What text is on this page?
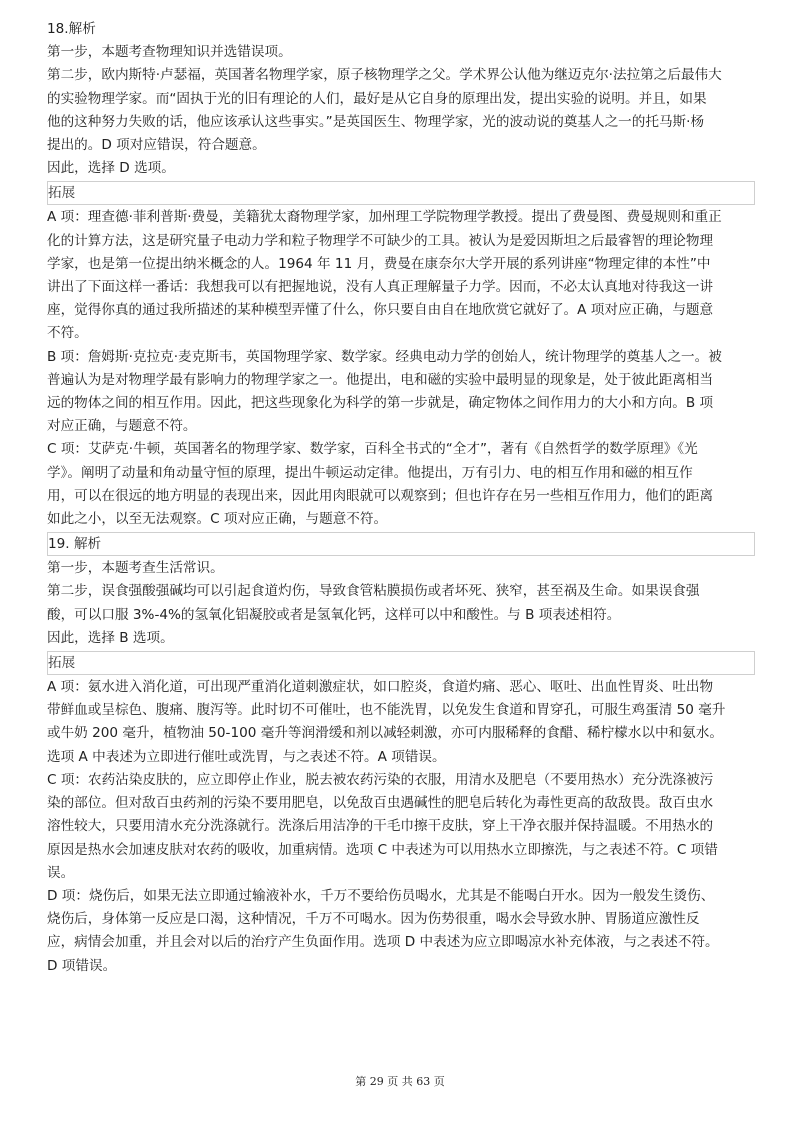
18.解析
第一步，本题考查物理知识并选错误项。
第二步，欧内斯特·卢瑟福，英国著名物理学家，原子核物理学之父。学术界公认他为继迈克尔·法拉第之后最伟大
的实验物理学家。而“固执于光的旧有理论的人们，最好是从它自身的原理出发，提出实验的说明。并且，如果
他的这种努力失败的话，他应该承认这些事实。”是英国医生、物理学家，光的波动说的奠基人之一的托马斯·杨
提出的。D 项对应错误，符合题意。
因此，选择 D 选项。
拓展
A 项：理查德·菲利普斯·费曼，美籍犹太裔物理学家，加州理工学院物理学教授。提出了费曼图、费曼规则和重正
化的计算方法，这是研究量子电动力学和粒子物理学不可缺少的工具。被认为是爱因斯坦之后最睿智的理论物理
学家，也是第一位提出纳米概念的人。1964 年 11 月，费曼在康奈尔大学开展的系列讲座“物理定律的本性”中
讲出了下面这样一番话：我想我可以有把握地说，没有人真正理解量子力学。因而，不必太认真地对待我这一讲
座，觉得你真的通过我所描述的某种模型弄懂了什么，你只要自由自在地欣赏它就好了。A 项对应正确，与题意
不符。
B 项：詹姆斯·克拉克·麦克斯韦，英国物理学家、数学家。经典电动力学的创始人，统计物理学的奠基人之一。被
普遍认为是对物理学最有影响力的物理学家之一。他提出，电和磁的实验中最明显的现象是，处于彼此距离相当
远的物体之间的相互作用。因此，把这些现象化为科学的第一步就是，确定物体之间作用力的大小和方向。B 项
对应正确，与题意不符。
C 项：艾萨克·牛顿，英国著名的物理学家、数学家，百科全书式的“全才”，著有《自然哲学的数学原理》《光
学》。阐明了动量和角动量守恒的原理，提出牛顿运动定律。他提出，万有引力、电的相互作用和磁的相互作
用，可以在很远的地方明显的表现出来，因此用肉眼就可以观察到；但也许存在另一些相互作用力，他们的距离
如此之小，以至无法观察。C 项对应正确，与题意不符。
19. 解析
第一步，本题考查生活常识。
第二步，误食强酸强碱均可以引起食道灼伤，导致食管粘膜损伤或者坏死、狭窄，甚至祸及生命。如果误食强
酸，可以口服 3%-4%的氢氧化铝凝胶或者是氢氧化钙，这样可以中和酸性。与 B 项表述相符。
因此，选择 B 选项。
拓展
A 项：氨水进入消化道，可出现严重消化道刺激症状，如口腔炎，食道灼痛、恶心、呕吐、出血性胃炎、吐出物
带鲜血或呈棕色、腹痛、腹泻等。此时切不可催吐，也不能洗胃，以免发生食道和胃穿孔，可服生鸡蛋清 50 毫升
或牛奶 200 毫升，植物油 50-100 毫升等润滑缓和剂以减轻刺激，亦可内服稀释的食醋、稀柠檬水以中和氨水。
选项 A 中表述为立即进行催吐或洗胃，与之表述不符。A 项错误。
C 项：农药沾染皮肤的，应立即停止作业，脱去被农药污染的衣服，用清水及肥皂（不要用热水）充分洗涤被污
染的部位。但对敌百虫药剂的污染不要用肥皂，以免敌百虫遇碱性的肥皂后转化为毒性更高的敌敌畏。敌百虫水
溶性较大，只要用清水充分洗涤就行。洗涤后用洁净的干毛巾擦干皮肤，穿上干净衣服并保持温暖。不用热水的
原因是热水会加速皮肤对农药的吸收，加重病情。选项 C 中表述为可以用热水立即擦洗，与之表述不符。C 项错
误。
D 项：烧伤后，如果无法立即通过输液补水，千万不要给伤员喝水，尤其是不能喝白开水。因为一般发生烫伤、
烧伤后，身体第一反应是口渴，这种情况，千万不可喝水。因为伤势很重，喝水会导致水肿、胃肠道应激性反
应，病情会加重，并且会对以后的治疗产生负面作用。选项 D 中表述为应立即喝凉水补充体液，与之表述不符。
D 项错误。
第 29 页 共 63 页
